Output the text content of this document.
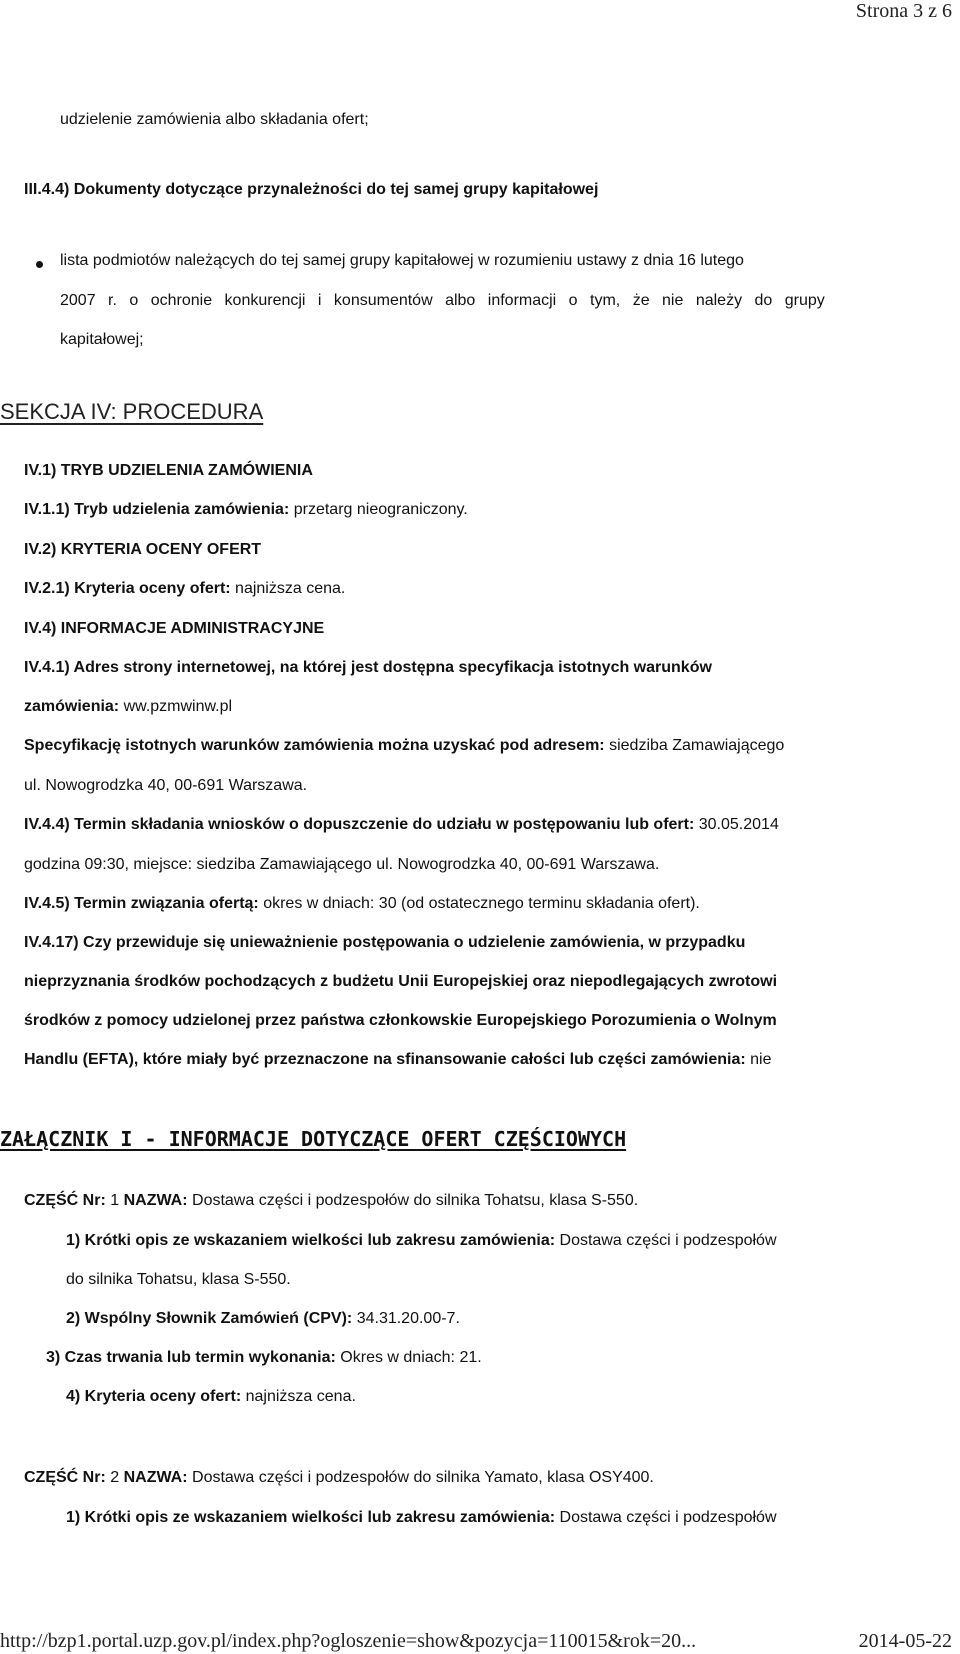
Strona 3 z 6
udzielenie zamówienia albo składania ofert;
III.4.4) Dokumenty dotyczące przynależności do tej samej grupy kapitałowej
lista podmiotów należących do tej samej grupy kapitałowej w rozumieniu ustawy z dnia 16 lutego
2007 r. o ochronie konkurencji i konsumentów albo informacji o tym, że nie należy do grupy
kapitałowej;
SEKCJA IV: PROCEDURA
IV.1) TRYB UDZIELENIA ZAMÓWIENIA
IV.1.1) Tryb udzielenia zamówienia: przetarg nieograniczony.
IV.2) KRYTERIA OCENY OFERT
IV.2.1) Kryteria oceny ofert: najniższa cena.
IV.4) INFORMACJE ADMINISTRACYJNE
IV.4.1) Adres strony internetowej, na której jest dostępna specyfikacja istotnych warunków
zamówienia: ww.pzmwinw.pl
Specyfikację istotnych warunków zamówienia można uzyskać pod adresem: siedziba Zamawiającego
ul. Nowogrodzka 40, 00-691 Warszawa.
IV.4.4) Termin składania wniosków o dopuszczenie do udziału w postępowaniu lub ofert: 30.05.2014
godzina 09:30, miejsce: siedziba Zamawiającego ul. Nowogrodzka 40, 00-691 Warszawa.
IV.4.5) Termin związania ofertą: okres w dniach: 30 (od ostatecznego terminu składania ofert).
IV.4.17) Czy przewiduje się unieważnienie postępowania o udzielenie zamówienia, w przypadku
nieprzyznania środków pochodzących z budżetu Unii Europejskiej oraz niepodlegających zwrotowi
środków z pomocy udzielonej przez państwa członkowskie Europejskiego Porozumienia o Wolnym
Handlu (EFTA), które miały być przeznaczone na sfinansowanie całości lub części zamówienia: nie
ZAŁĄCZNIK I - INFORMACJE DOTYCZĄCE OFERT CZĘŚCIOWYCH
CZĘŚĆ Nr: 1 NAZWA: Dostawa części i podzespołów do silnika Tohatsu, klasa S-550.
1) Krótki opis ze wskazaniem wielkości lub zakresu zamówienia: Dostawa części i podzespołów
do silnika Tohatsu, klasa S-550.
2) Wspólny Słownik Zamówień (CPV): 34.31.20.00-7.
3) Czas trwania lub termin wykonania: Okres w dniach: 21.
4) Kryteria oceny ofert: najniższa cena.
CZĘŚĆ Nr: 2 NAZWA: Dostawa części i podzespołów do silnika Yamato, klasa OSY400.
1) Krótki opis ze wskazaniem wielkości lub zakresu zamówienia: Dostawa części i podzespołów
http://bzp1.portal.uzp.gov.pl/index.php?ogloszenie=show&pozycja=110015&rok=20...	2014-05-22
